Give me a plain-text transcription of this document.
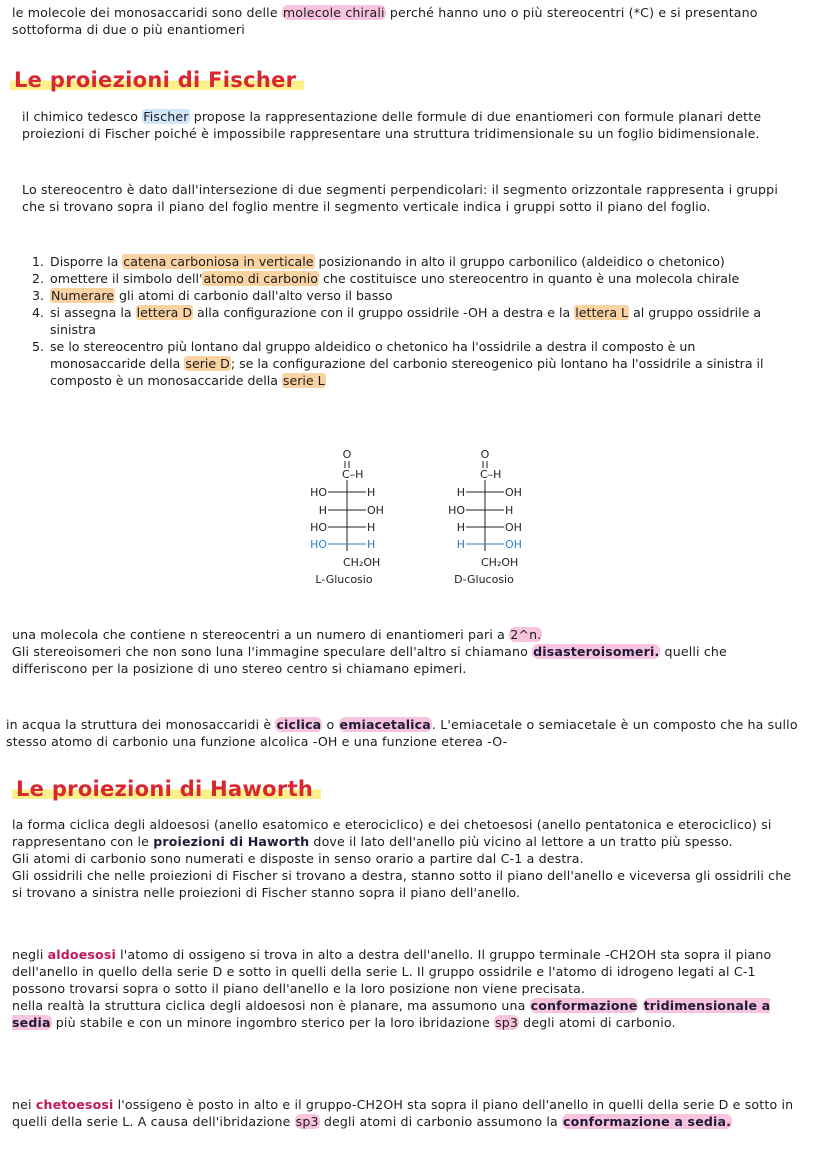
le molecole dei monosaccaridi sono delle molecole chirali perché hanno uno o più stereocentri (*C) e si presentano sottoforma di due o più enantiomeri

Le proiezioni di Fischer

il chimico tedesco Fischer propose la rappresentazione delle formule di due enantiomeri con formule planari dette proiezioni di Fischer poiché è impossibile rappresentare una struttura tridimensionale su un foglio bidimensionale.

Lo stereocentro è dato dall'intersezione di due segmenti perpendicolari: il segmento orizzontale rappresenta i gruppi che si trovano sopra il piano del foglio mentre il segmento verticale indica i gruppi sotto il piano del foglio.

1. Disporre la catena carboniosa in verticale posizionando in alto il gruppo carbonilico (aldeidico o chetonico)
2. omettere il simbolo dell'atomo di carbonio che costituisce uno stereocentro in quanto è una molecola chirale
3. Numerare gli atomi di carbonio dall'alto verso il basso
4. si assegna la lettera D alla configurazione con il gruppo ossidrile -OH a destra e la lettera L al gruppo ossidrile a sinistra
5. se lo stereocentro più lontano dal gruppo aldeidico o chetonico ha l'ossidrile a destra il composto è un monosaccaride della serie D; se la configurazione del carbonio stereogenico più lontano ha l'ossidrile a sinistra il composto è un monosaccaride della serie L
O
C–H
HO	H
H	OH
HO	H
HO	H
CH₂OH
L-Glucosio
O
C–H
H	OH
HO	H
H	OH
H	OH
CH₂OH
D-Glucosio

una molecola che contiene n stereocentri a un numero di enantiomeri pari a 2^n.

Gli stereoisomeri che non sono luna l'immagine speculare dell'altro si chiamano disasteroisomeri. quelli che differiscono per la posizione di uno stereo centro si chiamano epimeri.

in acqua la struttura dei monosaccaridi è ciclica o emiacetalica. L'emiacetale o semiacetale è un composto che ha sullo stesso atomo di carbonio una funzione alcolica -OH e una funzione eterea -O-

Le proiezioni di Haworth

la forma ciclica degli aldoesosi (anello esatomico e eterociclico) e dei chetoesosi (anello pentatonica e eterociclico) si rappresentano con le proiezioni di Haworth dove il lato dell'anello più vicino al lettore a un tratto più spesso.

Gli atomi di carbonio sono numerati e disposte in senso orario a partire dal C-1 a destra.

Gli ossidrili che nelle proiezioni di Fischer si trovano a destra, stanno sotto il piano dell'anello e viceversa gli ossidrili che si trovano a sinistra nelle proiezioni di Fischer stanno sopra il piano dell'anello.

negli aldoesosi l'atomo di ossigeno si trova in alto a destra dell'anello. Il gruppo terminale -CH2OH sta sopra il piano dell'anello in quello della serie D e sotto in quelli della serie L. Il gruppo ossidrile e l'atomo di idrogeno legati al C-1 possono trovarsi sopra o sotto il piano dell'anello e la loro posizione non viene precisata.

nella realtà la struttura ciclica degli aldoesosi non è planare, ma assumono una conformazione tridimensionale a sedia più stabile e con un minore ingombro sterico per la loro ibridazione sp3 degli atomi di carbonio.

nei chetoesosi l'ossigeno è posto in alto e il gruppo-CH2OH sta sopra il piano dell'anello in quelli della serie D e sotto in quelli della serie L. A causa dell'ibridazione sp3 degli atomi di carbonio assumono la conformazione a sedia.
